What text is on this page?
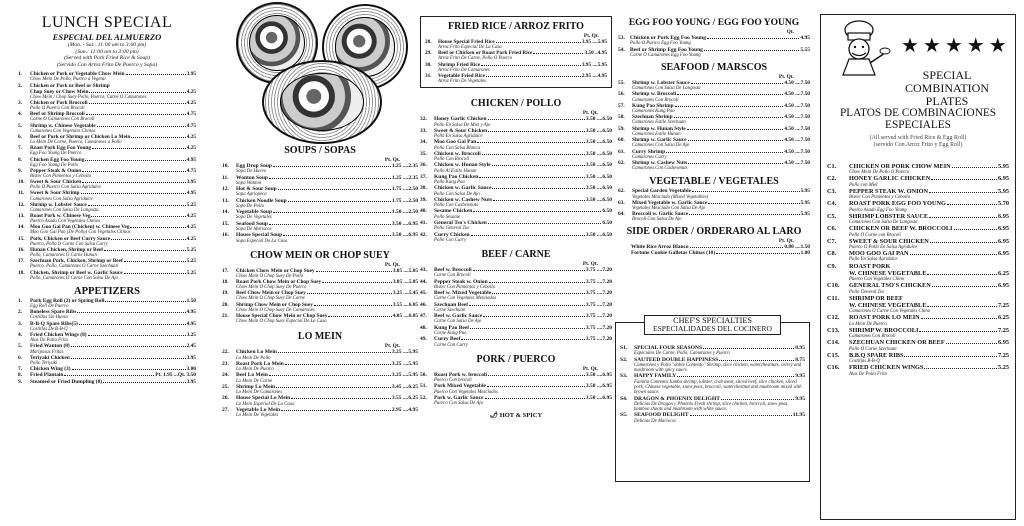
LUNCH SPECIAL
ESPECIAL DEL ALMUERZO
(Mon. - Sat.: 11:00 am to 3:00 pm)
(Sun.: 11:00 am to 3:00 pm)
(Served with Pork Fried Rice & Soup)
(Servido Con Arroz Frito De Puerco y Sopa)
1.	Chicken or Pork or Vegetable Chow Mein	3.95
Chow Mein De Pollo, Puerco a Vegetal
2.	Chicken or Pork or Beef or Shrimp
Chop Suey or Chow Mein	4.25
Chow Mein / Chop Suey Pollo, Puerco, Carne O Camarones
3.	Chicken or Pork Broccoli	4.25
Pollo O Puerco Con Brocoli
4.	Beef or Shrimp Broccoli	4.75
Carne O Camarones Con Brocoli
5.	Shrimp w. Chinese Vegetable	4.75
Camarones Con Vegetales Chinos
6.	Beef or Pork or Shrimp or Chicken Lo Mein	4.25
Lo Mein De Carne, Puerco, Camarones a Pollo
7.	Roast Pork Egg Foo Young	4.25
Egg Foo Young De Puerco
8.	Chicken Egg Foo Young	4.95
Egg Foo Young De Pollo
9.	Pepper Steak & Onion	4.75
Bistec Con Pimientos y Cebolla
10.	Sweet & Sour Chicken	3.95
Pollo O Puerco Con Salsa Agridulce
11.	Sweet & Sour Shrimp	4.95
Camarones Con Salsa Agridulce
12.	Shrimp w. Lobster Sauce	5.25
Camarones Con Salsa De Langosta
13.	Roast Pork w. Chinese Veg	4.25
Puerco Asado Con Vegetales Chinos
14.	Moo Goo Gai Pan (Chicken) w. Chinese Veg	4.25
Moo Goo Gai Pan (De Pollo) Con Vegetales Chinos
15.	Pork, Chicken or Beef Curry Sauce	4.25
Puerco, Pollo O Carne Con Salsa Curry
16.	Hunan Chicken, Shrimp or Beef	5.25
Pollo, Camarones O Carne Hunan
17.	Szechuan Pork, Chicken, Shrimp or Beef	5.25
Puerco, Pollo, Camarones O Carne Szechuan
18.	Chicken, Shrimp or Beef w. Garlic Sauce	5.25
Pollo, Camarones O Carne Con Salsa De Ajo
APPETIZERS
1.	Pork Egg Roll (2) or Spring Roll	1.50
Egg Roll De Puerco
2.	Boneless Spare Ribs	4.95
Costillas Sin Hueso
3.	B-B-Q Spare Ribs(5)	4.95
Costillas De B-B-Q
4.	Fried Chicken Wings (8)	3.25
Alas De Pollo Frito
5.	Fried Wanton (8)	2.45
Mariposas Fritas
6.	Teriyaki Chicken	3.95
Pollo Teriyaki
7.	Chicken Wing (3)	3.00
8.	Fried Plantain	Pt. 1.95 ...Qt. 3.50
9.	Steamed or Fried Dumpling (8)	3.95
SOUPS / SOPAS
Pt. Qt.
10.	Egg Drop Soup	1.25 ....2.35
Sopa De Huevo
11.	Wonton Soup	1.25 ....2.35
Sopa Wanton
12.	Hot & Sour Soup	1.75 ....2.50
Sopa Agriopeca
13.	Chicken Noodle Soup	1.75 ....2.50
Sopa De Pollo
14.	Vegetable Soup	1.50 ....2.50
Sopa De Vegetales
15.	Seafood Soup	3.50 ....6.95
Sopa De Mariscos
16.	House Special Soup	3.50 ....6.95
Sopa Especial De La Casa
CHOW MEIN OR CHOP SUEY
Pt. Qt.
17.	Chicken Chow Mein or Chop Suey	3.05 ....5.05
Chow Mein O Chop Suey De Pollo
18.	Roast Pork Chow Mein or Chop Suey	3.05 ....5.05
Chow Mein O Chop Suey De Puerco
19.	Beef Chow Mein or Chop Suey	3.25 ....5.45
Chow Mein O Chop Suey De Carne
20.	Shrimp Chow Mein or Chop Suey	3.55 ....6.05
Chow Mein O Chop Suey De Camarones
21.	House Special Chow Mein or Chop Suey	4.05 ....6.05
Chow Mein O Chop Suey Especial De La Casa
LO MEIN
Pt. Qt.
22.	Chicken Lo Mein	3.25 ....5.95
Lo Mein De Pollo
23.	Roast Pork Lo Mein	3.25 ....5.95
Lo Mein De Puerco
24.	Beef Lo Mein	3.25 ....5.95
Lo Mein De Carne
25.	Shrimp Lo Mein	3.45 ....6.25
Lo Mein De Camarones
26.	House Special Lo Mein	3.55 ....6.25
Lo Mein Especial De La Casa
27.	Vegetable Lo Mein	2.95 ....4.95
Lo Mein De Vegetales
FRIED RICE / ARROZ FRITO
Pt. Qt.
28.	House Special Fried Rice	3.95 ....5.95
Arroz Frito Especial De La Casa
29.	Beef or Chicken or Roast Pork Fried Rice	3.50 ..4.95
Arroz Frito De Carne, Pollo O Puerco
30.	Shrimp Fried Rice	3.95 ....5.95
Arroz Frito De Camarones
31.	Vegetable Fried Rice	2.95 ....4.95
Arroz Frito De Vegetales
CHICKEN / POLLO
Pt. Qt.
32.	Honey Garlic Chicken	3.50 ....6.50
Pollo En Salsa De Miel y Ajo
33.	Sweet & Sour Chicken	3.50 ....6.50
Pollo En Salsa Agridulce
34.	Moo Goo Gai Pan	3.50 ....6.50
Pollo Con Salsa Blanca
35.	Chicken w. Broccoli	3.50 ....6.50
Pollo Con Brocoli
36.	Chicken w. Hunan Style	3.50 ....6.50
Pollo Al Estilo Hunan
37.	Kung Pao Chicken	3.50 ....6.50
Pollo Kung Pao
38.	Chicken w. Garlic Sauce	3.50 ....6.50
Pollo Con Salsa De Ajo
39.	Chicken w. Cashew Nuts	3.50 ....6.50
Pollo Con Cashewnuts
40.	Sesame Chicken	6.50
Pollo Sesame
41.	General Tso's Chicken	6.50
Pollo General Tso
42.	Curry Chicken	3.50 ....6.50
Pollo Con Curry
BEEF / CARNE
Pt. Qt.
43.	Beef w. Broccoli	3.75 ....7.20
Carne Con Brocoli
44.	Pepper Steak w. Onion	3.75 ....7.20
Bistec Con Pimientos y Cebolla
45.	Beef w. Mixed Vegetable	3.75 ....7.20
Carne Con Vegetales Mezclados
46.	Szechuan Beef	3.75 ....7.20
Carne Szechuan
47.	Beef w. Garlic Sauce	3.75 ....7.20
Carne Con Salsa De Ajo
48.	Kung Pao Beef	3.75 ....7.20
Carne Kung Pao
49.	Curry Beef	3.75 ....7.20
Carne Con Curry
PORK / PUERCO
Pt. Qt.
50.	Roast Pork w. broccoli	3.50 ....6.95
Puerco Con brocoli
51.	Pork Mixed Vegetable	3.50 ....6.95
Puerco Con Vegetales Mezclados
52.	Pork w. Garlic Sauce	3.50 ....6.95
Puerco Con Salsa De Ajo
🌶 HOT & SPICY
EGG FOO YOUNG / EGG FOO YOUNG
Qt.
53. Chicken or Pork Egg Foo Young	4.95
Pollo O Puerco Egg Foo Young
54. Beef or Shrimp Egg Foo Young	5.55
Carne O Camarones Egg Foo Young
SEAFOOD / MARSCOS
Pt. Qt.
55.	Shrimp w. Lobster Sauce	4.50 ....7.50
Camarones Con Salsa De Langosta
56.	Shrimp w. Broccoli	4.50 ....7.50
Camarones Con Brocoli
57.	Kung Pao Shrimp	4.50 ....7.50
Camarones Kung Pao
58.	Szechuan Shrimp	4.50 ....7.50
Camarones Estilo Szechuan
59.	Shrimp w. Hunan Style	4.50 ....7.50
Camarones Estilo Hunan
60.	Shrimp w. Garlic Sauce	4.50 ....7.50
Camarones Con Salsa De Ajo
61.	Curry Shrimp	4.50 ....7.50
Camarones Curry
62.	Shrimp w. Cashew Nuts	4.50 ....7.50
Camarones Con Cashewnuts
VEGETABLE / VEGETALES
62.	Special Garden Vegetable	5.95
Vegetales Mezclado (Mixed Vegetables)
63.	Mixed Vegetable w. Garlic Sauce	5.95
Vegetales Mezclado Con Salsa De Ajo
64.	Broccoli w. Garlic Sauce	5.95
Brocoli Con Salsa De Ajo
SIDE ORDER / ORDERARO AL LARO
Pt. Qt.
White Rice Arroz Blanco	0.80 ....1.50
Fortune Cookie Galletas Chinas (10)	1.00
CHEF'S SPECIALTIES
ESPECIALIDADES DEL COCINERO
S1.	SPECIAL FOUR SEASONS	8.95
Especiales De Carne, Pollo, Camarones y Puerco
S2.	SAUTEED DOUBLE HAPPINESS	8.75
Camarones y Pollo "doble Contento" Shrimp, slice chicken, waterchestnuts, celery and mushroom with spicy sauce.
S3.	HAPPY FAMILY	9.95
Familia Contenta Jumbo shrimp, lobster, crab meat, sliced beef, slice chicken, sliced pork, Chinese vegetable, snow peas, broccoli, waterchestnut and mushroom mixed with brown sauce.
S4.	DRAGON & PHOENIX DELIGHT	9.95
Delicias De Dragon y Phoenix Fresh shrimp, slice chicken, broccoli, snow peas, bamboo shoots and mushroom with white sauce.
S5.	SEAFOOD DELIGHT	11.95
Delicias De Mariscos
★★★★★
SPECIAL COMBINATION PLATES
PLATOS DE COMBINACIONES ESPECIALES
(All served with Fried Rice & Egg Roll)
(servido Con Arroz Frito y Egg Roll)
C1.	CHICKEN OR PORK CHOW MEIN	5.95
Chow Mein De Pollo O Puerco
C2.	HONEY GARLIC CHICKEN	6.95
Pollo con Miel
C3.	PEPPER STEAK W. ONION	5.95
Bistec Con Pimientos y Cebolla
C4.	ROAST PORK EGG FOO YOUNG	5.70
Puerco Asado Egg Foo Young
C5.	SHRIMP LOBSTER SAUCE	6.95
Camarones Con Salsa De Langosta
C6.	CHICKEN OR BEEF W. BROCCOLI	6.95
Pollo O Carne con Brocoli
C7.	SWEET & SOUR CHICKEN	6.95
Puerco O Pollo En Salsa Agridulce
C8.	MOO GOO GAI PAN	6.95
Pollo En Salsa Agridulce
C9.	ROAST PORK
W. CHINESE VEGETABLE	6.25
Puerco Con Vegetales Chino
C10.	GENERAL TSO'S CHICKEN	6.95
Pollo General Tso
C11.	SHRIMP OR BEEF
W. CHINESE VEGETABLE	7.25
Camarones O Carne Con Vegetales Chino
C12.	ROAST PORK LO MEIN	6.25
Lo Mein De Puerco
C13.	SHRIMP W. BROCCOLI	7.25
Camarones Con Brocoli
C14.	SZECHUAN CHICKEN OR BEEF	6.95
Pollo O Carne Szechuan
C15.	B.B.Q SPARE RIBS	7.25
Costillas B-B-Q
C16.	FRIED CHICKEN WINGS	5.25
Alas De Pollo Frito
